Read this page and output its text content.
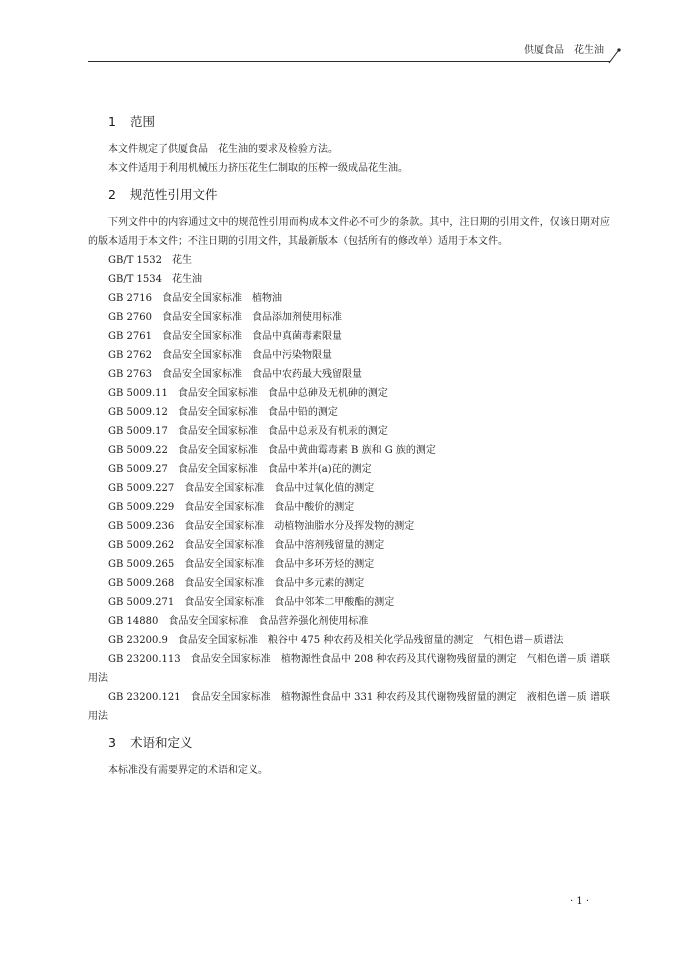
供厦食品　花生油
1	范围

本文件规定了供厦食品　花生油的要求及检验方法。

本文件适用于利用机械压力挤压花生仁制取的压榨一级成品花生油。

2	规范性引用文件

下列文件中的内容通过文中的规范性引用而构成本文件必不可少的条款。其中，注日期的引用文件，仅该日期对应的版本适用于本文件；不注日期的引用文件，其最新版本（包括所有的修改单）适用于本文件。

GB/T 1532　 花生
GB/T 1534　 花生油
GB 2716　 食品安全国家标准　植物油
GB 2760　 食品安全国家标准　食品添加剂使用标准
GB 2761　 食品安全国家标准　食品中真菌毒素限量
GB 2762　 食品安全国家标准　食品中污染物限量
GB 2763　 食品安全国家标准　食品中农药最大残留限量
GB 5009.11　 食品安全国家标准　食品中总砷及无机砷的测定
GB 5009.12　 食品安全国家标准　食品中铅的测定
GB 5009.17　 食品安全国家标准　食品中总汞及有机汞的测定
GB 5009.22　 食品安全国家标准　食品中黄曲霉毒素 B 族和 G 族的测定
GB 5009.27　 食品安全国家标准　食品中苯并(a)芘的测定
GB 5009.227　 食品安全国家标准　食品中过氧化值的测定
GB 5009.229　 食品安全国家标准　食品中酸价的测定
GB 5009.236　 食品安全国家标准　动植物油脂水分及挥发物的测定
GB 5009.262　 食品安全国家标准　食品中溶剂残留量的测定
GB 5009.265　 食品安全国家标准　食品中多环芳烃的测定
GB 5009.268　 食品安全国家标准　食品中多元素的测定
GB 5009.271　 食品安全国家标准　食品中邻苯二甲酸酯的测定
GB 14880　 食品安全国家标准　食品营养强化剂使用标准
GB 23200.9　 食品安全国家标准　粮谷中 475 种农药及相关化学品残留量的测定　气相色谱－质谱法
GB 23200.113　 食品安全国家标准　植物源性食品中 208 种农药及其代谢物残留量的测定　气相色谱－质 谱联用法
GB 23200.121　 食品安全国家标准　植物源性食品中 331 种农药及其代谢物残留量的测定　液相色谱－质 谱联用法
3	术语和定义

本标准没有需要界定的术语和定义。

· 1 ·
